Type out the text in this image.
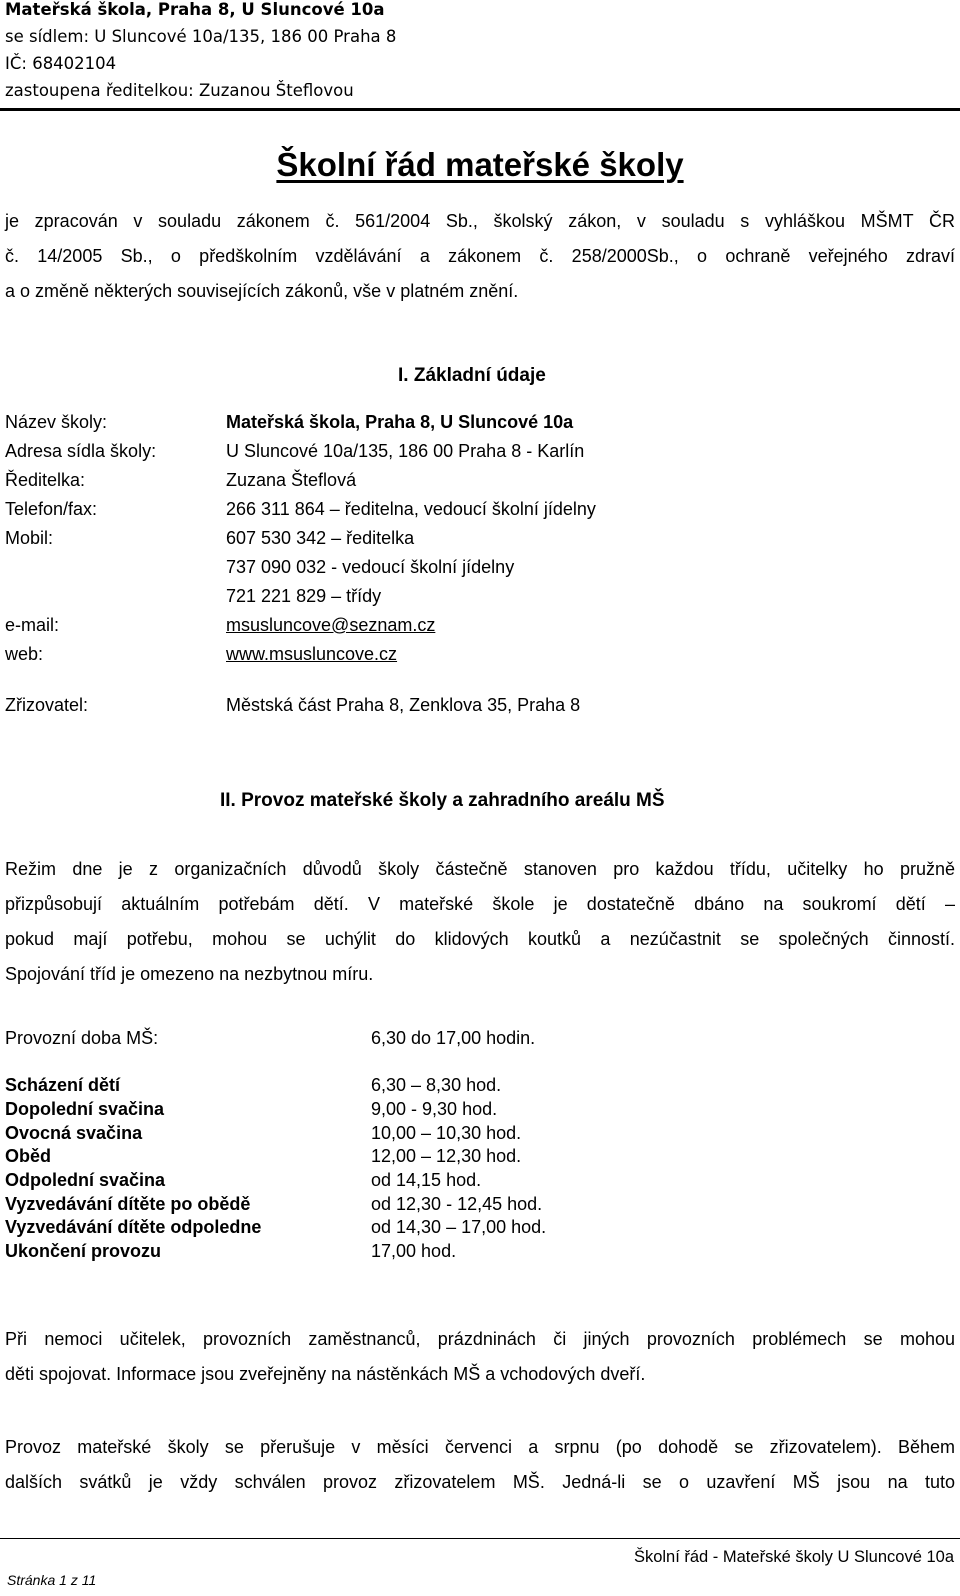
Mateřská škola, Praha 8, U Sluncové 10a
se sídlem: U Sluncové 10a/135, 186 00 Praha 8
IČ: 68402104
zastoupena ředitelkou: Zuzanou Šteflovou
Školní řád mateřské školy
je zpracován v souladu zákonem č. 561/2004 Sb., školský zákon, v souladu s vyhláškou MŠMT ČR
č. 14/2005 Sb., o předškolním vzdělávání a zákonem č. 258/2000Sb., o ochraně veřejného zdraví
a o změně některých souvisejících zákonů, vše v platném znění.
I. Základní údaje
Název školy:	Mateřská škola, Praha 8, U Sluncové 10a
Adresa sídla školy:	U Sluncové 10a/135, 186 00 Praha 8 - Karlín
Ředitelka:	Zuzana Šteflová
Telefon/fax:	266 311 864 – ředitelna, vedoucí školní jídelny
Mobil:	607 530 342 – ředitelka
737 090 032 - vedoucí školní jídelny
721 221 829 – třídy
e-mail:	msusluncove@seznam.cz
web:	www.msusluncove.cz
Zřizovatel:	Městská část Praha 8, Zenklova 35, Praha 8
II. Provoz mateřské školy a zahradního areálu MŠ
Režim dne je z organizačních důvodů školy částečně stanoven pro každou třídu, učitelky ho pružně
přizpůsobují aktuálním potřebám dětí. V mateřské škole je dostatečně dbáno na soukromí dětí –
pokud mají potřebu, mohou se uchýlit do klidových koutků a nezúčastnit se společných činností.
Spojování tříd je omezeno na nezbytnou míru.
Provozní doba MŠ:	6,30 do 17,00 hodin.
Scházení dětí	6,30 – 8,30 hod.
Dopolední svačina	9,00 - 9,30 hod.
Ovocná svačina	10,00 – 10,30 hod.
Oběd	12,00 – 12,30 hod.
Odpolední svačina	od 14,15 hod.
Vyzvedávání dítěte po obědě	od 12,30 - 12,45 hod.
Vyzvedávání dítěte odpoledne	od 14,30 – 17,00 hod.
Ukončení provozu	17,00 hod.
Při nemoci učitelek, provozních zaměstnanců, prázdninách či jiných provozních problémech se mohou
děti spojovat. Informace jsou zveřejněny na nástěnkách MŠ a vchodových dveří.
Provoz mateřské školy se přerušuje v měsíci červenci a srpnu (po dohodě se zřizovatelem). Během
dalších svátků je vždy schválen provoz zřizovatelem MŠ. Jedná-li se o uzavření MŠ jsou na tuto
Školní řád - Mateřské školy U Sluncové 10a
Stránka 1 z 11
